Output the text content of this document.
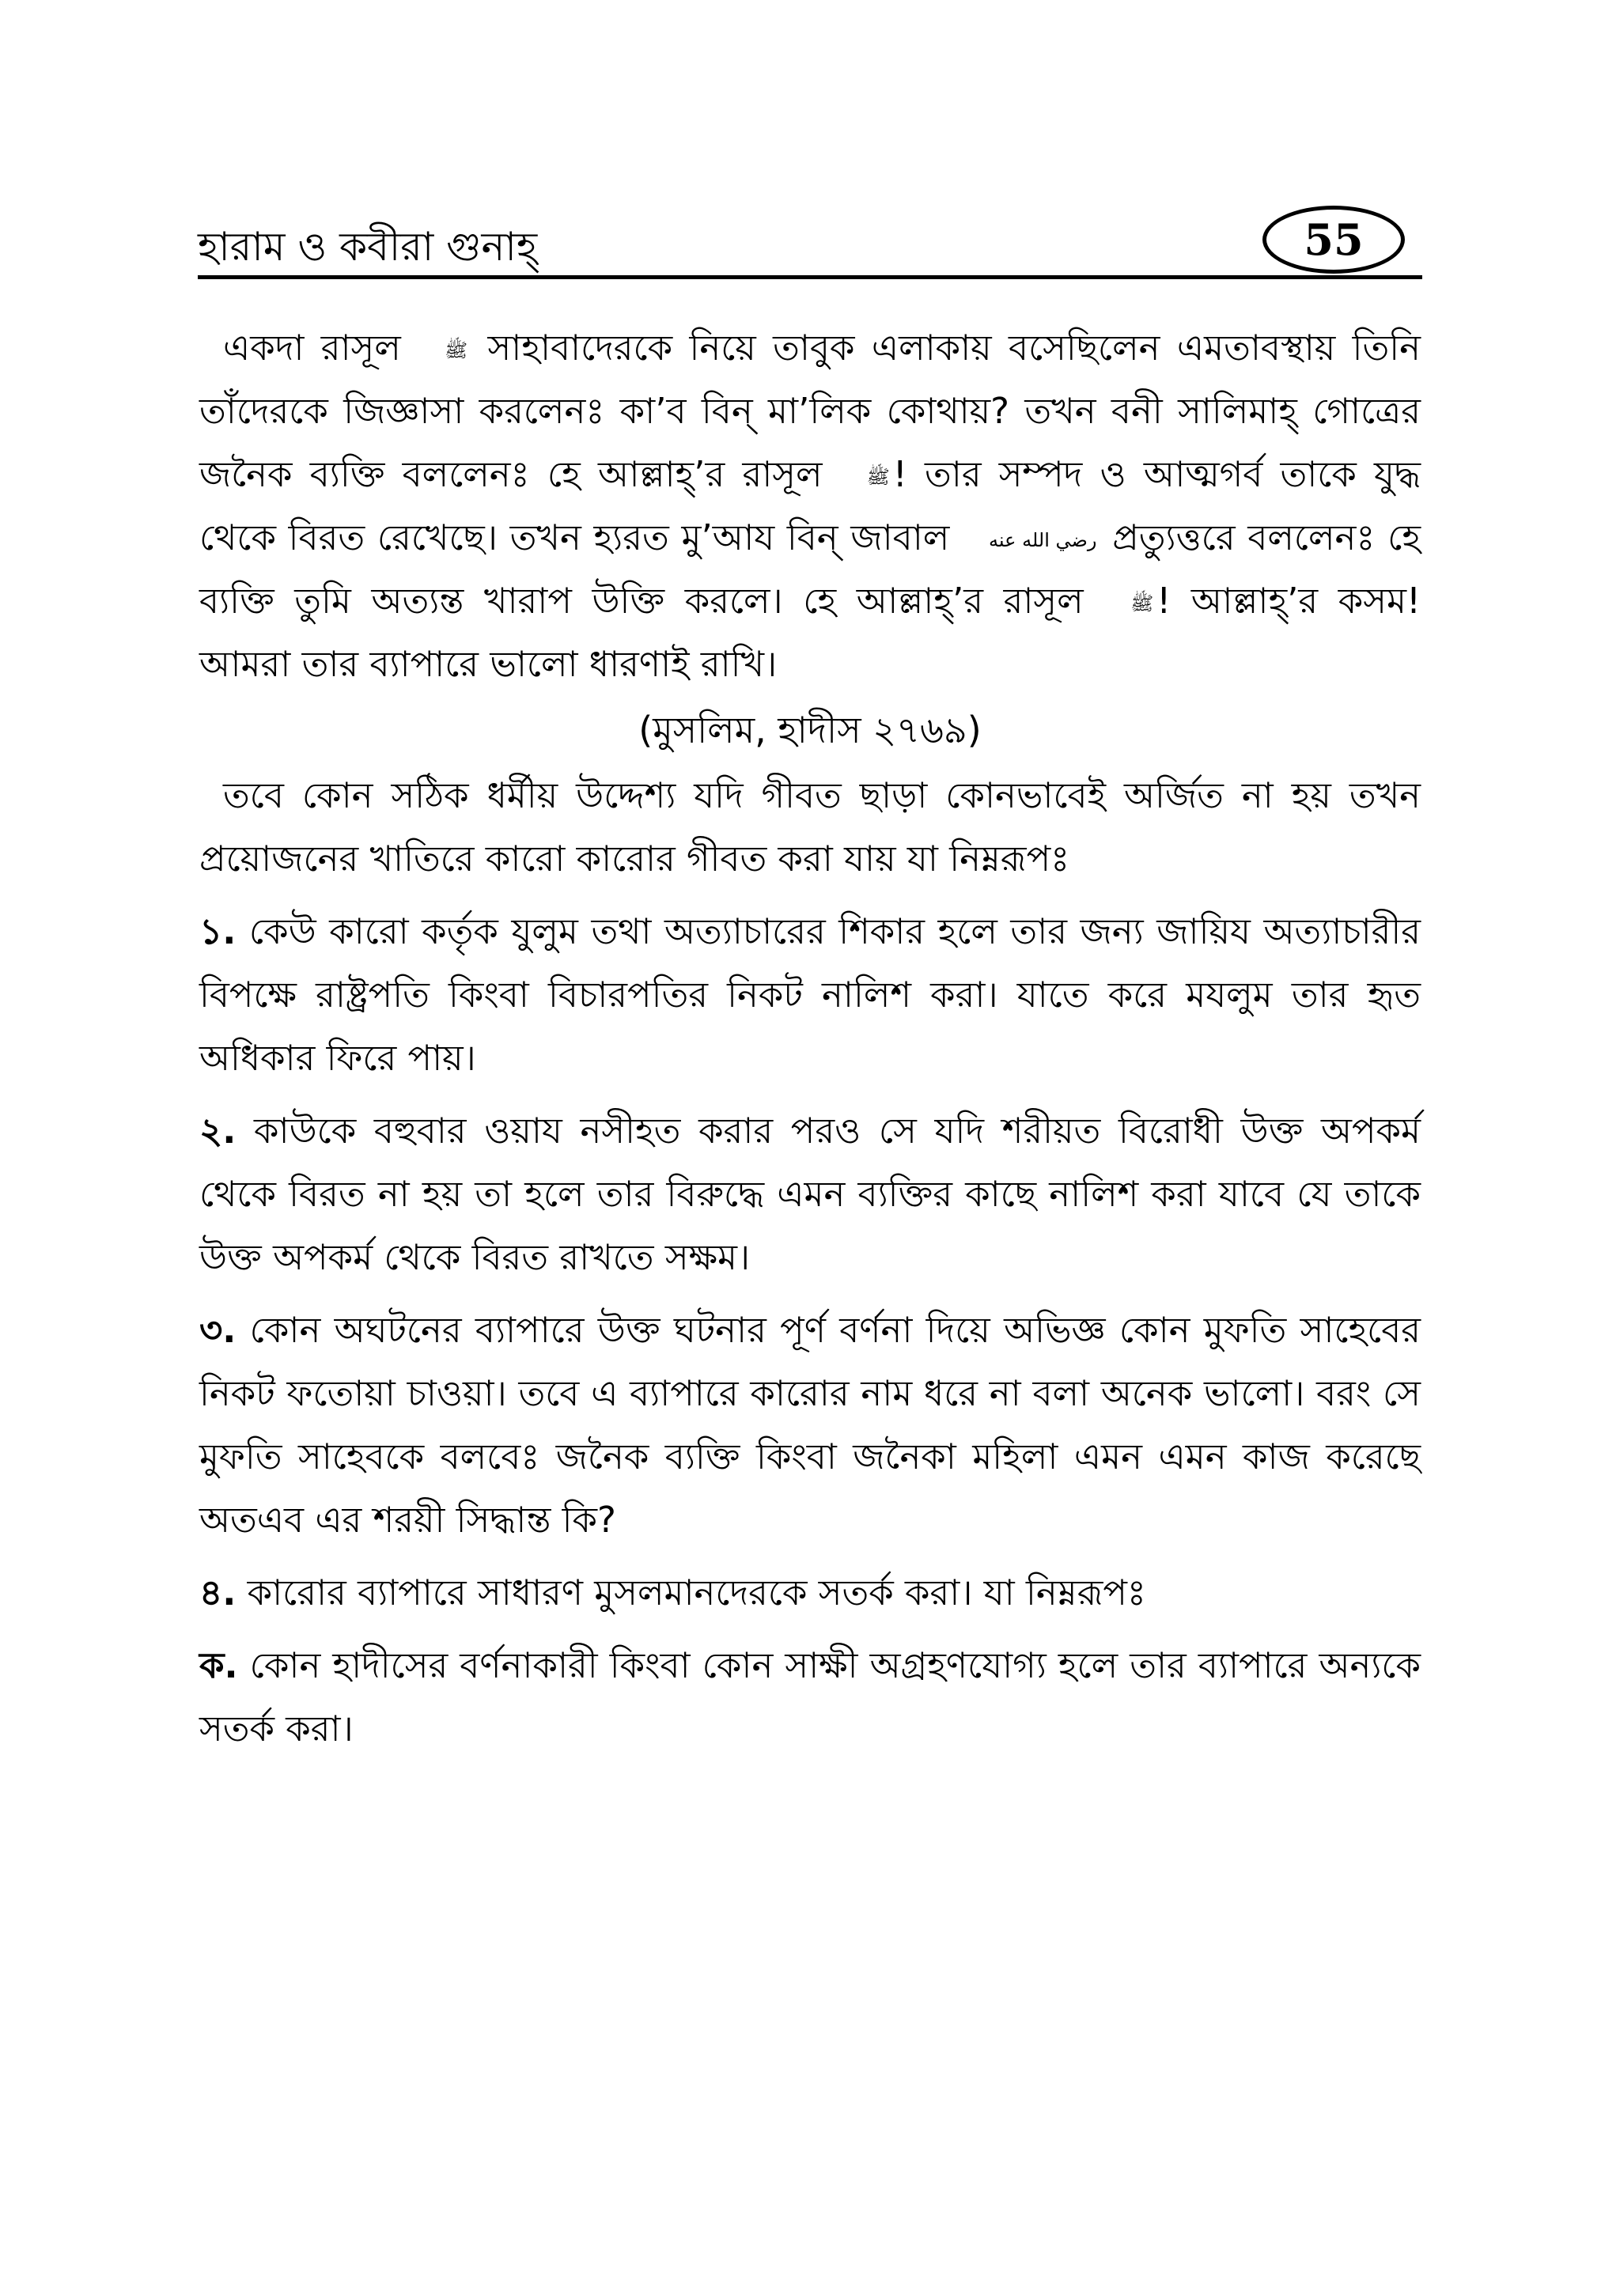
হারাম ও কবীরা গুনাহ্	55

একদা রাসূল ﷺ সাহাবাদেরকে নিয়ে তাবুক এলাকায় বসেছিলেন এমতাবস্থায় তিনি তাঁদেরকে জিজ্ঞাসা করলেনঃ কা’ব বিন্ মা’লিক কোথায়? তখন বনী সালিমাহ্ গোত্রের জনৈক ব্যক্তি বললেনঃ হে আল্লাহ্’র রাসূল ﷺ! তার সম্পদ ও আত্মগর্ব তাকে যুদ্ধ থেকে বিরত রেখেছে। তখন হ্যরত মু’আয বিন্ জাবাল رضي الله عنه প্রত্যুত্তরে বললেনঃ হে ব্যক্তি তুমি অত্যন্ত খারাপ উক্তি করলে। হে আল্লাহ্’র রাসূল ﷺ! আল্লাহ্’র কসম! আমরা তার ব্যাপারে ভালো ধারণাই রাখি।

(মুসলিম, হাদীস ২৭৬৯)

তবে কোন সঠিক ধর্মীয় উদ্দেশ্য যদি গীবত ছাড়া কোনভাবেই অর্জিত না হয় তখন প্রয়োজনের খাতিরে কারো কারোর গীবত করা যায় যা নিম্নরূপঃ

১. কেউ কারো কর্তৃক যুলুম তথা অত্যাচারের শিকার হলে তার জন্য জায়িয অত্যাচারীর বিপক্ষে রাষ্ট্রপতি কিংবা বিচারপতির নিকট নালিশ করা। যাতে করে মযলুম তার হৃত অধিকার ফিরে পায়।

২. কাউকে বহুবার ওয়ায নসীহত করার পরও সে যদি শরীয়ত বিরোধী উক্ত অপকর্ম থেকে বিরত না হয় তা হলে তার বিরুদ্ধে এমন ব্যক্তির কাছে নালিশ করা যাবে যে তাকে উক্ত অপকর্ম থেকে বিরত রাখতে সক্ষম।

৩. কোন অঘটনের ব্যাপারে উক্ত ঘটনার পূর্ণ বর্ণনা দিয়ে অভিজ্ঞ কোন মুফতি সাহেবের নিকট ফতোয়া চাওয়া। তবে এ ব্যাপারে কারোর নাম ধরে না বলা অনেক ভালো। বরং সে মুফতি সাহেবকে বলবেঃ জনৈক ব্যক্তি কিংবা জনৈকা মহিলা এমন এমন কাজ করেছে অতএব এর শরয়ী সিদ্ধান্ত কি?

৪. কারোর ব্যাপারে সাধারণ মুসলমানদেরকে সতর্ক করা। যা নিম্নরূপঃ

ক. কোন হাদীসের বর্ণনাকারী কিংবা কোন সাক্ষী অগ্রহণযোগ্য হলে তার ব্যাপারে অন্যকে সতর্ক করা।
